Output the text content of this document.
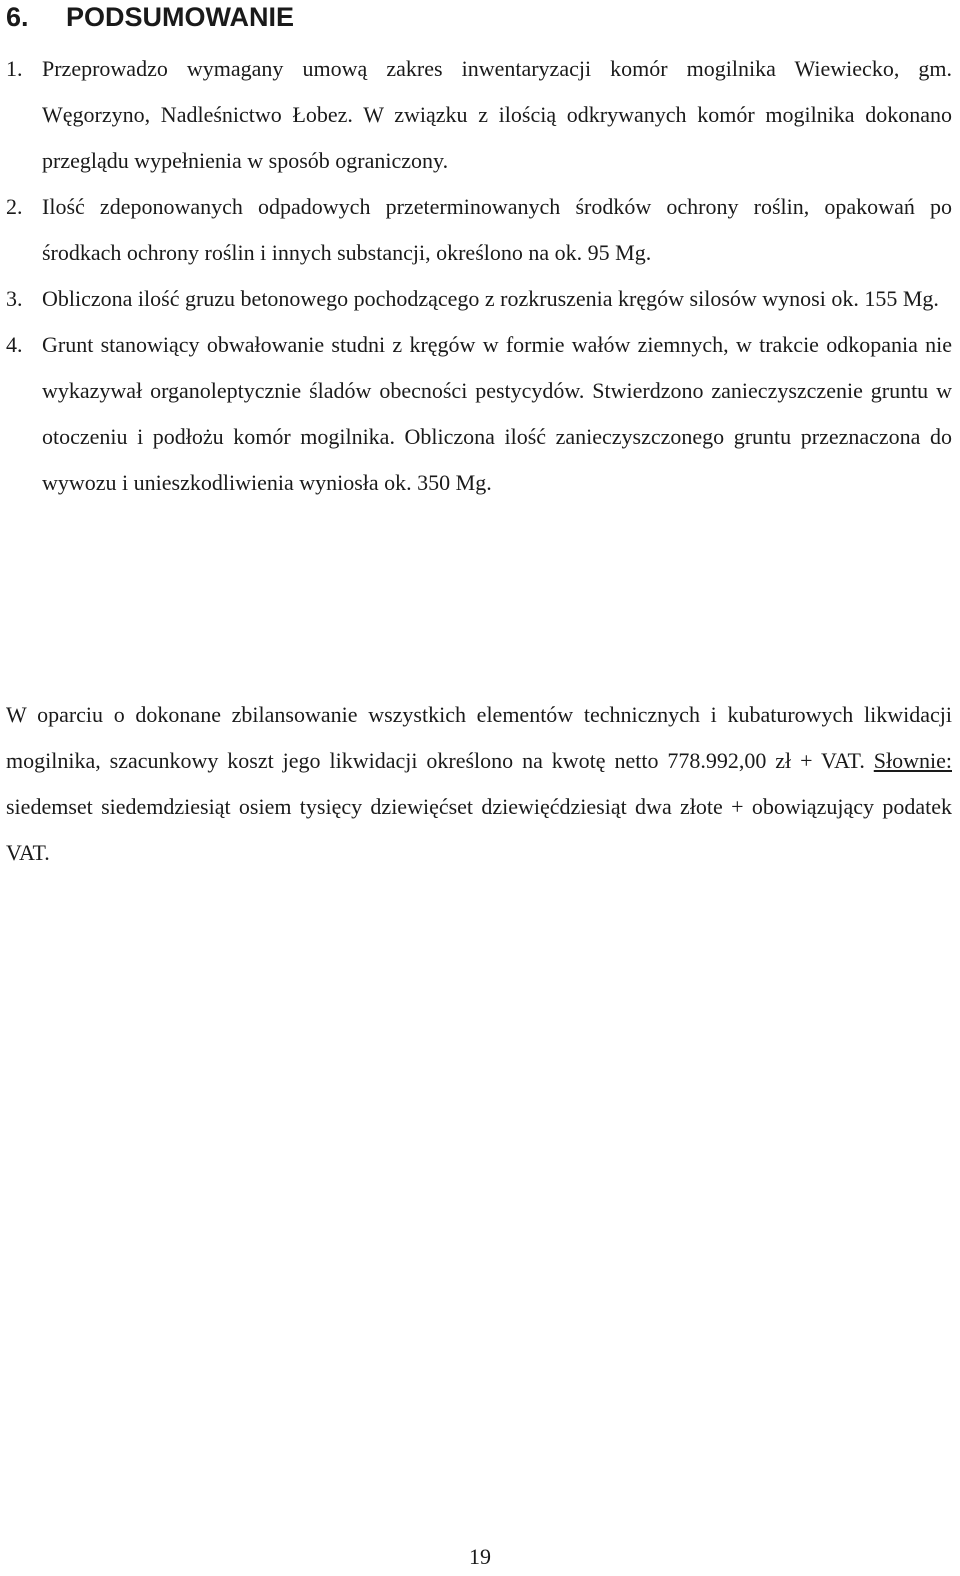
6. PODSUMOWANIE
1. Przeprowadzo wymagany umową zakres inwentaryzacji komór mogilnika Wiewiecko, gm. Węgorzyno, Nadleśnictwo Łobez. W związku z ilością odkrywanych komór mogilnika dokonano przeglądu wypełnienia w sposób ograniczony.
2. Ilość zdeponowanych odpadowych przeterminowanych środków ochrony roślin, opakowań po środkach ochrony roślin i innych substancji, określono na ok. 95 Mg.
3. Obliczona ilość gruzu betonowego pochodzącego z rozkruszenia kręgów silosów wynosi ok. 155 Mg.
4. Grunt stanowiący obwałowanie studni z kręgów w formie wałów ziemnych, w trakcie odkopania nie wykazywał organoleptycznie śladów obecności pestycydów. Stwierdzono zanieczyszczenie gruntu w otoczeniu i podłożu komór mogilnika. Obliczona ilość zanieczyszczonego gruntu przeznaczona do wywozu i unieszkodliwienia wyniosła ok. 350 Mg.

W oparciu o dokonane zbilansowanie wszystkich elementów technicznych i kubaturowych likwidacji mogilnika, szacunkowy koszt jego likwidacji określono na kwotę netto 778.992,00 zł + VAT. Słownie: siedemset siedemdziesiąt osiem tysięcy dziewięćset dziewięćdziesiąt dwa złote + obowiązujący podatek VAT.

19
